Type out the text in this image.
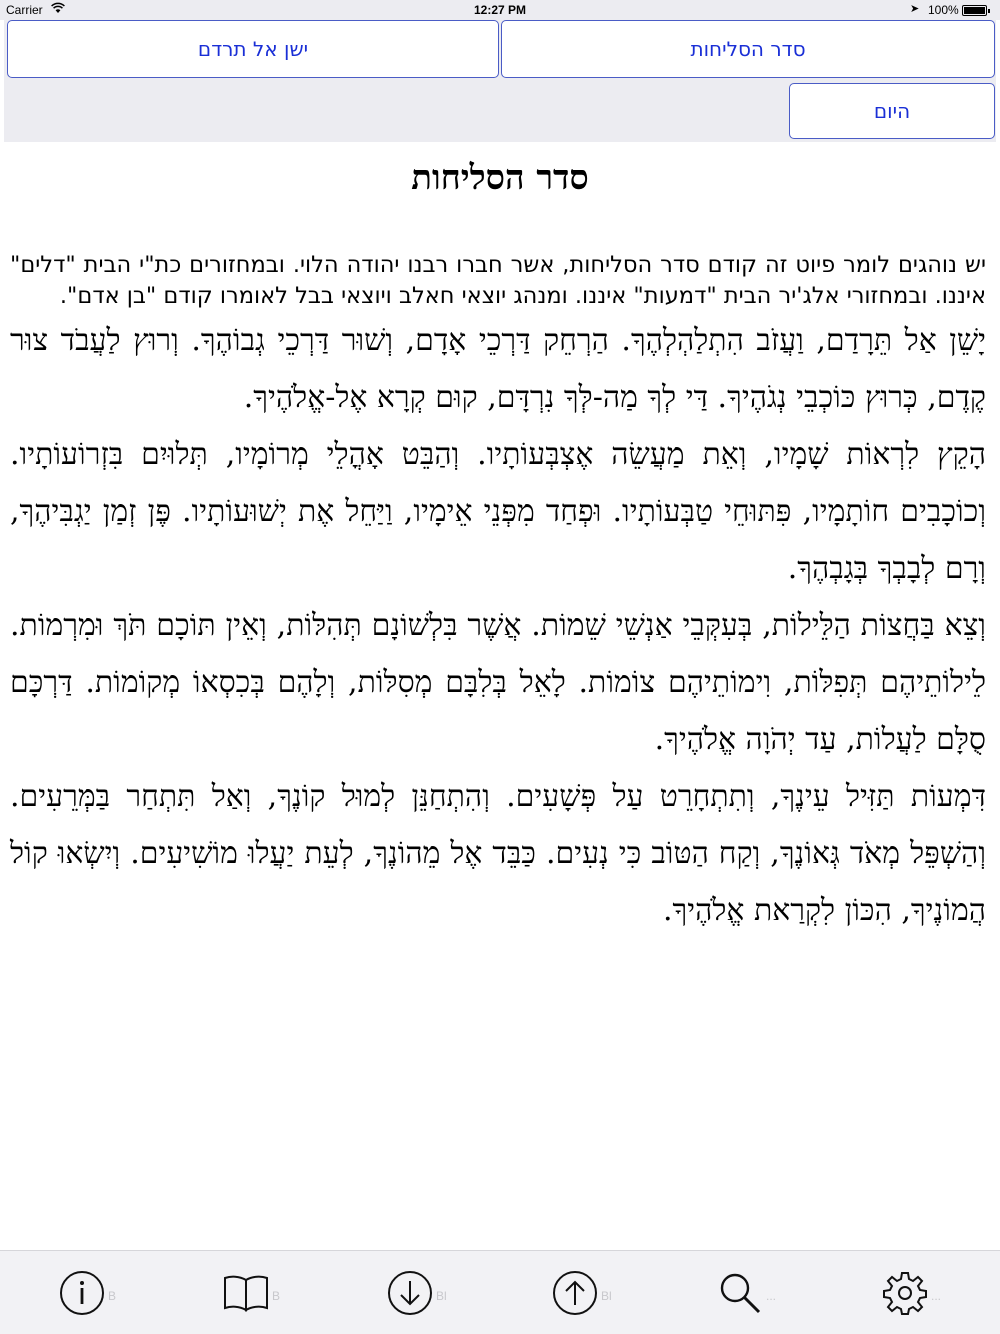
Carrier	12:27 PM	➤ 100%
ישן אל תרדם	סדר הסליחות
היום
סדר הסליחות
יש נוהגים לומר פיוט זה קודם סדר הסליחות, אשר חברו רבנו יהודה הלוי. ובמחזורים כת"י הבית "דלים" איננו. ובמחזורי אלג'יר הבית "דמעות" איננו. ומנהג יוצאי חאלב ויוצאי בבל לאומרו קודם "בן אדם".
יָשֵׁן אַל תֵּרָדַם, וַעֲזֹב הִתְלַהְלְהֶךָ. הַרְחֵק דַּרְכֵי אָדָם, וְשׁוּר דַּרְכֵי גְבוֹהֶךָ. וְרוּץ לַעֲבֹד צוּר קֶדֶם, כְּרוּץ כּוֹכְבֵי נְגֹהֶיךָ. דַּי לְךָ מַה-לְּךָ נִרְדָּם, קוּם קְרָא אֶל-אֱלֹהֶיךָ.
הָקֵץ לִרְאוֹת שָׁמָיו, וְאֵת מַעֲשֵׂה אֶצְבְּעוֹתָיו. וְהַבֵּט אָהֳלֵי מְרוֹמָיו, תְּלוּיִם בִּזְרוֹעוֹתָיו. וְכוֹכָבִים חוֹתָמָיו, פִּתּוּחֵי טַבְּעוֹתָיו. וּפְחַד מִפְּנֵי אֵימָיו, וַיַּחֵל אֶת יְשׁוּעוֹתָיו. פֶּן זְמַן יַגְבִּיהֶךָ, וְרָם לְבָבְךָ בְּגָבְהֶךָ.
וְצֵא בַּחֲצוֹת הַלֵּילוֹת, בְּעִקְּבֵי אַנְשֵׁי שֵׁמוֹת. אֲשֶׁר בִּלְשׁוֹנָם תְּהִלּוֹת, וְאֵין תּוֹכָם תֹּךְ וּמִרְמוֹת. לֵילוֹתֵיהֶם תְּפִלּוֹת, וִימוֹתֵיהֶם צוֹמוֹת. לָאֵל בְּלִבָּם מְסִלּוֹת, וְלָהֶם בְּכִסְאוֹ מְקוֹמוֹת. דַּרְכָּם סֻלָּם לַעֲלוֹת, עַד יְהֹוָה אֱלֹהֶיךָ.
דִּמְעוֹת תַּזִּיל עֵינֶךָ, וְתִתְחָרֵט עַל פְּשָׁעִים. וְהִתְחַנֵּן לְמוּל קוֹנֶךָ, וְאַל תִּתְחַר בַּמְּרֵעִים. וְהַשְׁפֵּל מְאֹד גְּאוֹנֶךָ, וְקַח הַטּוֹב כִּי נְעִים. כַּבֵּד אֶל מֵהוֹנֶךָ, לְעֵת יַעֲלוּ מוֹשִׁיעִים. וְיִשְׂאוּ קוֹל הֲמוֹנֶיךָ, הִכּוֹן לִקְרַאת אֱלֹהֶיךָ.
B	B	Bl	Bl	...	...
